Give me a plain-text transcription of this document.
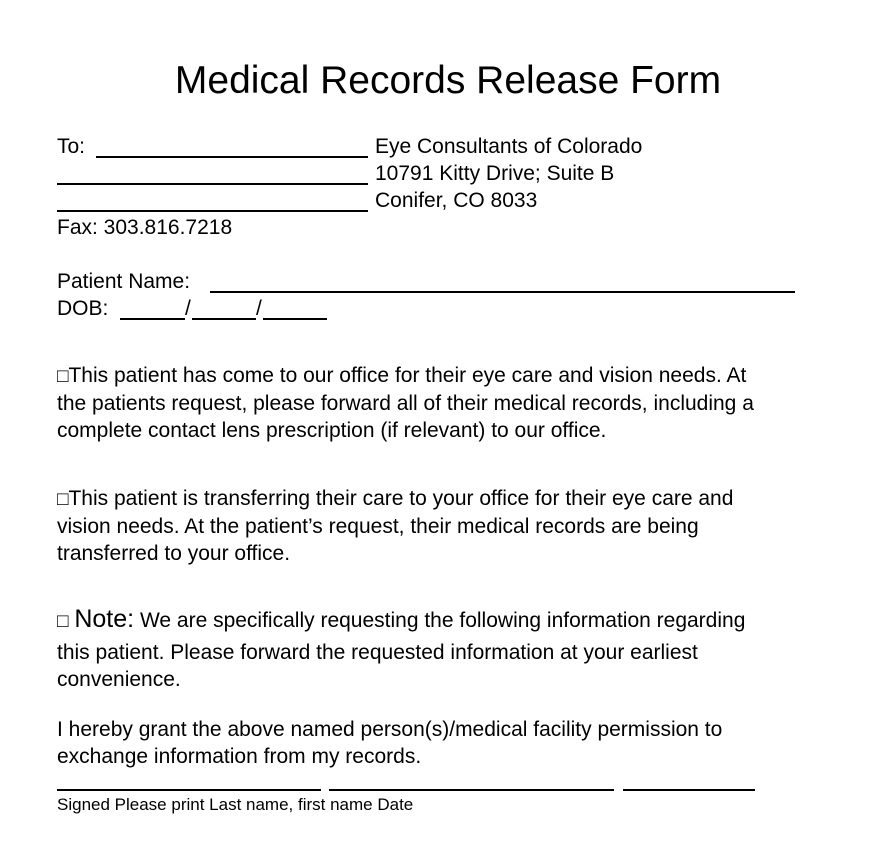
Medical Records Release Form
To:
Fax: 303.816.7218
Eye Consultants of Colorado
10791 Kitty Drive; Suite B
Conifer, CO 8033
Patient Name:
DOB:	/	/
□This patient has come to our office for their eye care and vision needs. At
the patients request, please forward all of their medical records, including a
complete contact lens prescription (if relevant) to our office.
□This patient is transferring their care to your office for their eye care and
vision needs. At the patient’s request, their medical records are being
transferred to your office.
□ Note: We are specifically requesting the following information regarding
this patient. Please forward the requested information at your earliest
convenience.
I hereby grant the above named person(s)/medical facility permission to
exchange information from my records.
Signed Please print Last name, first name Date
